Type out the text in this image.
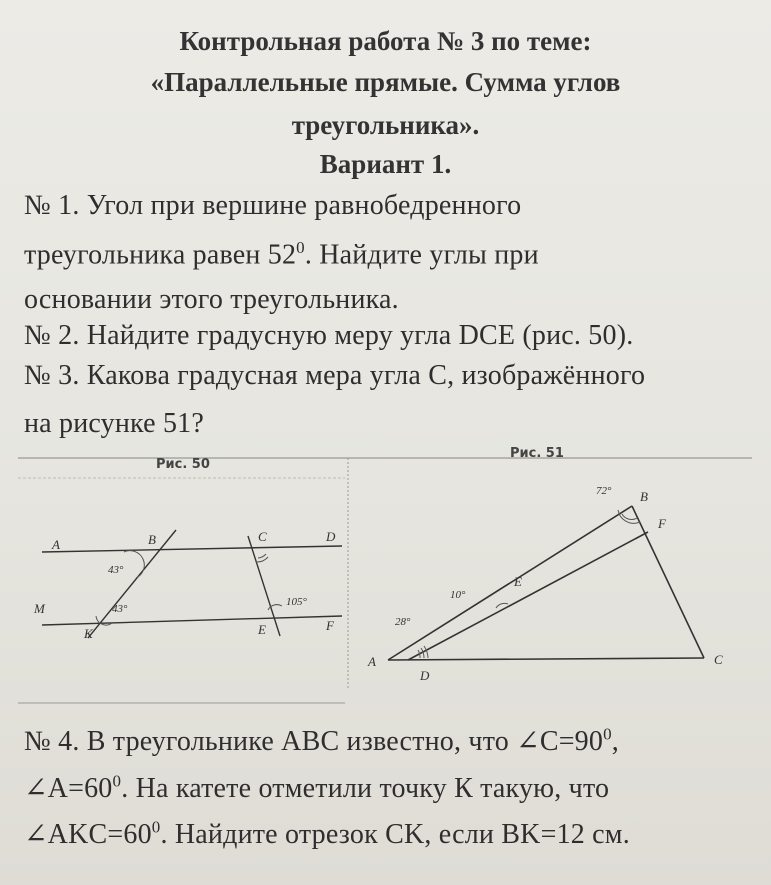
Контрольная работа № 3 по теме:
«Параллельные прямые. Сумма углов
треугольника».
Вариант 1.
№ 1. Угол при вершине равнобедренного
треугольника равен $52^0$. Найдите углы при
основании этого треугольника.
№ 2. Найдите градусную меру угла DCE (рис. 50).
№ 3. Какова градусная мера угла С, изображённого
на рисунке 51?
A	B	C	D
M
K	E	F
43°
43°
105°
B
F
E
A
D
C
72°
10°
28°
Рис. 50
Рис. 51
№ 4. В треугольнике ABC известно, что $\angle C=90^0$,
$\angle A=60^0$. На катете отметили точку К такую, что
$\angle AKC=60^0$. Найдите отрезок CK, если BK=12 см.
